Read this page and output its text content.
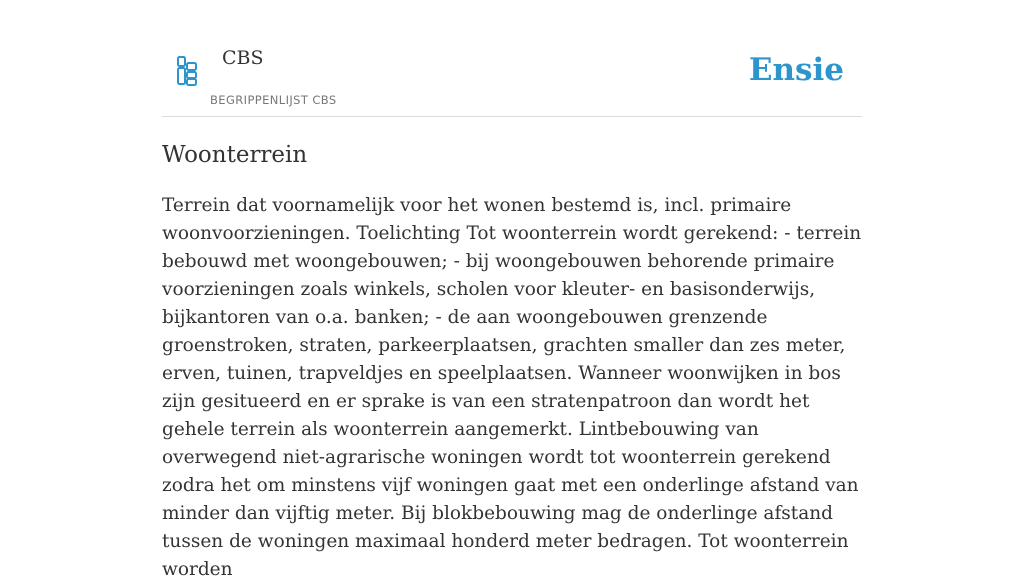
CBS
BEGRIPPENLIJST CBS
Ensie
Woonterrein

Terrein dat voornamelijk voor het wonen bestemd is, incl. primaire woonvoorzieningen. Toelichting Tot woonterrein wordt gerekend: - terrein bebouwd met woongebouwen; - bij woongebouwen behorende primaire voorzieningen zoals winkels, scholen voor kleuter- en basisonderwijs, bijkantoren van o.a. banken; - de aan woongebouwen grenzende groenstroken, straten, parkeerplaatsen, grachten smaller dan zes meter, erven, tuinen, trapveldjes en speelplaatsen. Wanneer woonwijken in bos zijn gesitueerd en er sprake is van een stratenpatroon dan wordt het gehele terrein als woonterrein aangemerkt. Lintbebouwing van overwegend niet-agrarische woningen wordt tot woonterrein gerekend zodra het om minstens vijf woningen gaat met een onderlinge afstand van minder dan vijftig meter. Bij blokbebouwing mag de onderlinge afstand tussen de woningen maximaal honderd meter bedragen. Tot woonterrein worden
